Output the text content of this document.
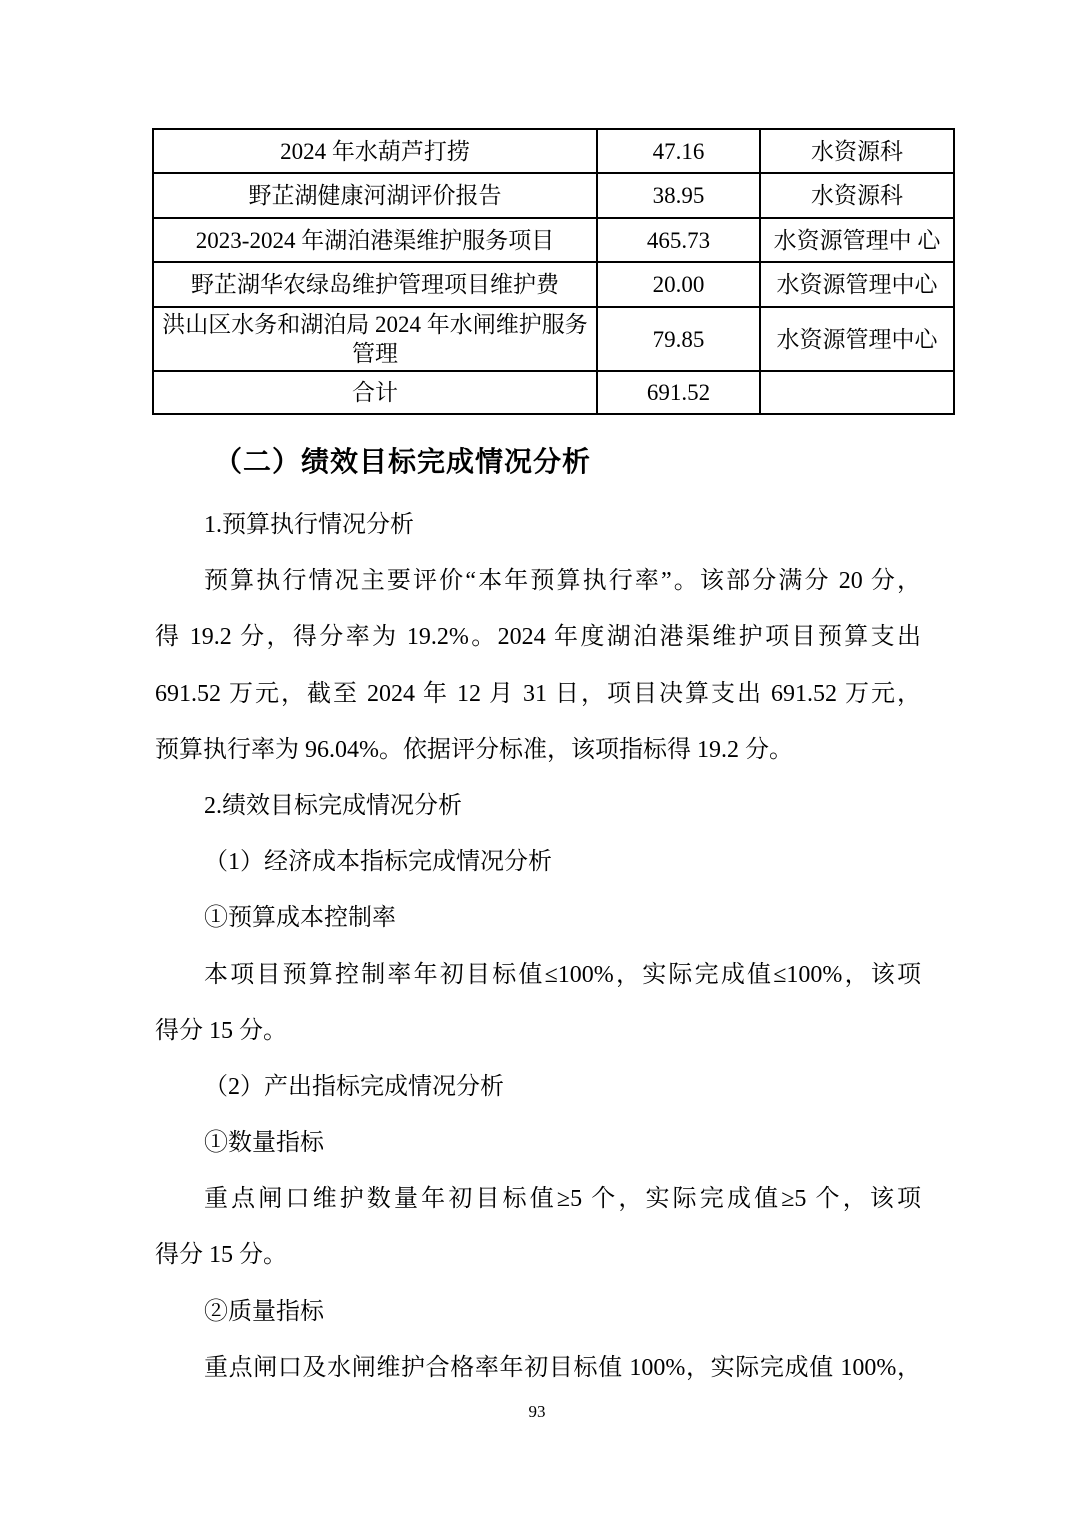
2024 年水葫芦打捞	47.16	水资源科
野芷湖健康河湖评价报告	38.95	水资源科
2023-2024 年湖泊港渠维护服务项目	465.73	水资源管理中 心
野芷湖华农绿岛维护管理项目维护费	20.00	水资源管理中心
洪山区水务和湖泊局 2024 年水闸维护服务管理	79.85	水资源管理中心
合计	691.52	
（二）绩效目标完成情况分析

1.预算执行情况分析

预算执行情况主要评价“本年预算执行率”。该部分满分 20 分，

得 19.2 分，得分率为 19.2%。2024 年度湖泊港渠维护项目预算支出

691.52 万元，截至 2024 年 12 月 31 日，项目决算支出 691.52 万元，

预算执行率为 96.04%。依据评分标准，该项指标得 19.2 分。

2.绩效目标完成情况分析

（1）经济成本指标完成情况分析

①预算成本控制率

本项目预算控制率年初目标值≤100%，实际完成值≤100%，该项

得分 15 分。

（2）产出指标完成情况分析

①数量指标

重点闸口维护数量年初目标值≥5 个，实际完成值≥5 个，该项

得分 15 分。

②质量指标

重点闸口及水闸维护合格率年初目标值 100%，实际完成值 100%，

93
